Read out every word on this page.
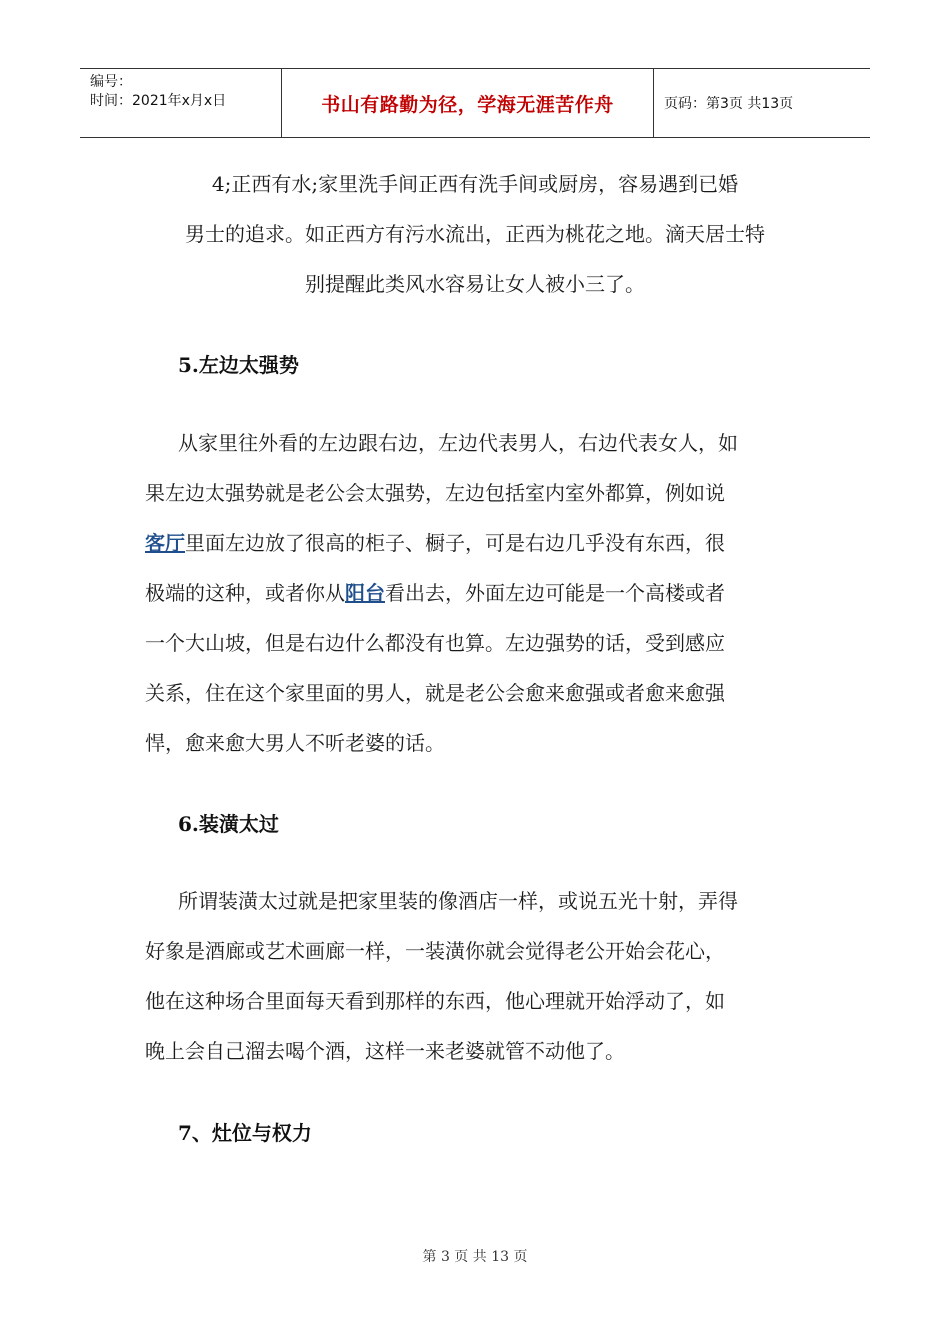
编号：
时间：2021年x月x日	书山有路勤为径，学海无涯苦作舟	页码：第3页 共13页
4;正西有水;家里洗手间正西有洗手间或厨房，容易遇到已婚
男士的追求。如正西方有污水流出，正西为桃花之地。滴天居士特
别提醒此类风水容易让女人被小三了。
5.左边太强势
从家里往外看的左边跟右边，左边代表男人，右边代表女人，如
果左边太强势就是老公会太强势，左边包括室内室外都算，例如说
客厅里面左边放了很高的柜子、橱子，可是右边几乎没有东西，很
极端的这种，或者你从阳台看出去，外面左边可能是一个高楼或者
一个大山坡，但是右边什么都没有也算。左边强势的话，受到感应
关系，住在这个家里面的男人，就是老公会愈来愈强或者愈来愈强
悍，愈来愈大男人不听老婆的话。
6.装潢太过
所谓装潢太过就是把家里装的像酒店一样，或说五光十射，弄得
好象是酒廊或艺术画廊一样，一装潢你就会觉得老公开始会花心，
他在这种场合里面每天看到那样的东西，他心理就开始浮动了，如
晚上会自己溜去喝个酒，这样一来老婆就管不动他了。
7、灶位与权力
第 3 页 共 13 页
